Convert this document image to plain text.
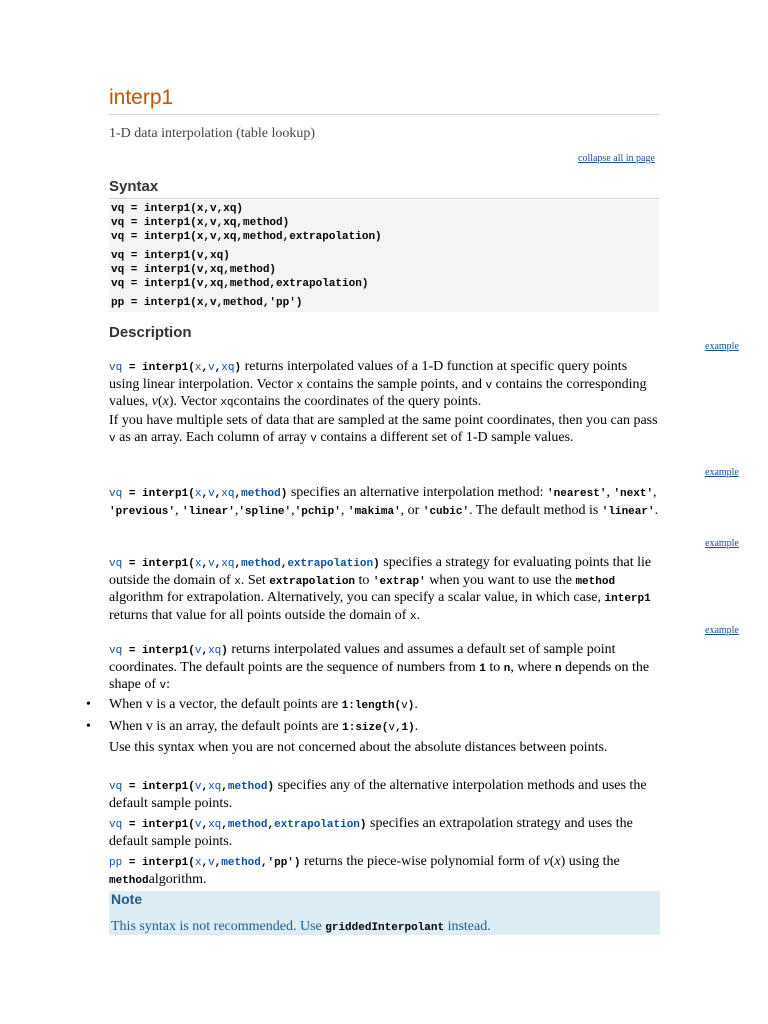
interp1
1-D data interpolation (table lookup)
collapse all in page
Syntax
vq = interp1(x,v,xq)
vq = interp1(x,v,xq,method)
vq = interp1(x,v,xq,method,extrapolation)
vq = interp1(v,xq)
vq = interp1(v,xq,method)
vq = interp1(v,xq,method,extrapolation)
pp = interp1(x,v,method,'pp')
Description
example
example
example
example
vq = interp1(x,v,xq) returns interpolated values of a 1-D function at specific query points using linear interpolation. Vector x contains the sample points, and v contains the corresponding values, v(x). Vector xqcontains the coordinates of the query points.
If you have multiple sets of data that are sampled at the same point coordinates, then you can pass v as an array. Each column of array v contains a different set of 1-D sample values.
vq = interp1(x,v,xq,method) specifies an alternative interpolation method: 'nearest', 'next', 'previous', 'linear','spline','pchip', 'makima', or 'cubic'. The default method is 'linear'.
vq = interp1(x,v,xq,method,extrapolation) specifies a strategy for evaluating points that lie outside the domain of x. Set extrapolation to 'extrap' when you want to use the method algorithm for extrapolation. Alternatively, you can specify a scalar value, in which case, interp1 returns that value for all points outside the domain of x.
vq = interp1(v,xq) returns interpolated values and assumes a default set of sample point coordinates. The default points are the sequence of numbers from 1 to n, where n depends on the shape of v:
• When v is a vector, the default points are 1:length(v).
• When v is an array, the default points are 1:size(v,1).
Use this syntax when you are not concerned about the absolute distances between points.
vq = interp1(v,xq,method) specifies any of the alternative interpolation methods and uses the default sample points.
vq = interp1(v,xq,method,extrapolation) specifies an extrapolation strategy and uses the default sample points.
pp = interp1(x,v,method,'pp') returns the piece-wise polynomial form of v(x) using the methodalgorithm.
Note
This syntax is not recommended. Use griddedInterpolant instead.
